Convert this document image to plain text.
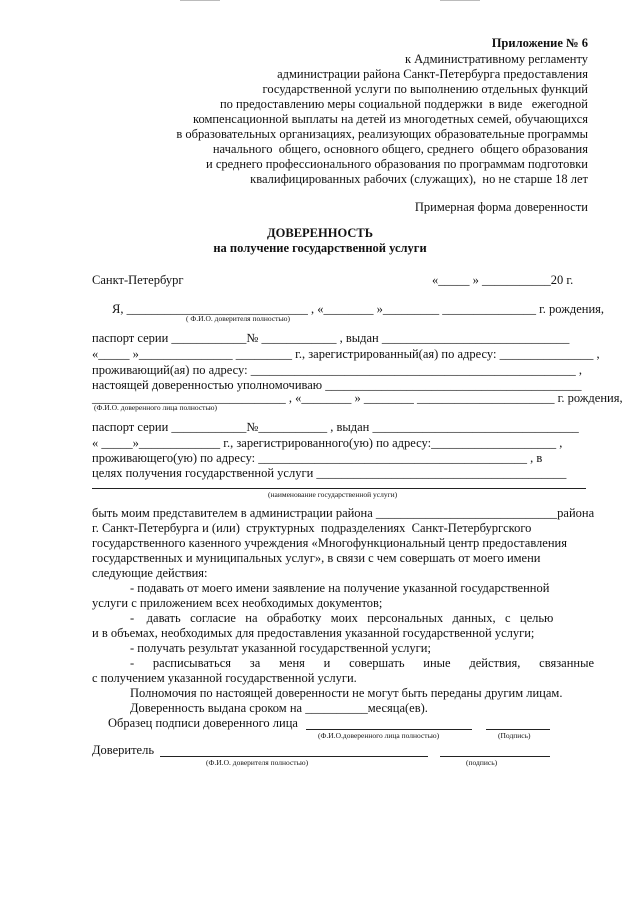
Приложение № 6
к Административному регламенту
администрации района Санкт-Петербурга предоставления
государственной услуги по выполнению отдельных функций
по предоставлению меры социальной поддержки  в виде   ежегодной
компенсационной выплаты на детей из многодетных семей, обучающихся
в образовательных организациях, реализующих образовательные программы
начального  общего, основного общего, среднего  общего образования
и среднего профессионального образования по программам подготовки
квалифицированных рабочих (служащих),  но не старше 18 лет
Примерная форма доверенности
ДОВЕРЕННОСТЬ
на получение государственной услуги
Санкт-Петербург	«_____ » ___________20 г.
Я, _____________________________ , «________ »_________ _______________ г. рождения,
( Ф.И.О. доверителя полностью)
паспорт серии ____________№ ____________ , выдан ______________________________
«_____ »_______________ _________ г., зарегистрированный(ая) по адресу: _______________ ,
проживающий(ая) по адресу: ____________________________________________________ ,
настоящей доверенностью уполномочиваю _________________________________________
_______________________________ , «________ » ________ ______________________ г. рождения,
(Ф.И.О. доверенного лица полностью)
паспорт серии ____________№___________ , выдан _________________________________
« _____»_____________ г., зарегистрированного(ую) по адресу:____________________ ,
проживающего(ую) по адресу: ___________________________________________ , в
целях получения государственной услуги ________________________________________
(наименование государственной услуги)
быть моим представителем в администрации района _____________________________района
г. Санкт-Петербурга и (или)  структурных  подразделениях  Санкт-Петербургского
государственного казенного учреждения «Многофункциональный центр предоставления
государственных и муниципальных услуг», в связи с чем совершать от моего имени
следующие действия:
- подавать от моего имени заявление на получение указанной государственной
услуги с приложением всех необходимых документов;
-    давать   согласие   на   обработку   моих   персональных   данных,   с   целью
и в объемах, необходимых для предоставления указанной государственной услуги;
- получать результат указанной государственной услуги;
-      расписываться      за      меня      и      совершать      иные      действия,      связанные
с получением указанной государственной услуги.
Полномочия по настоящей доверенности не могут быть переданы другим лицам.
Доверенность выдана сроком на __________месяца(ев).
Образец подписи доверенного лица
(Ф.И.О.доверенного лица полностью)	(Подпись)
Доверитель
(Ф.И.О. доверителя полностью)	(подпись)
